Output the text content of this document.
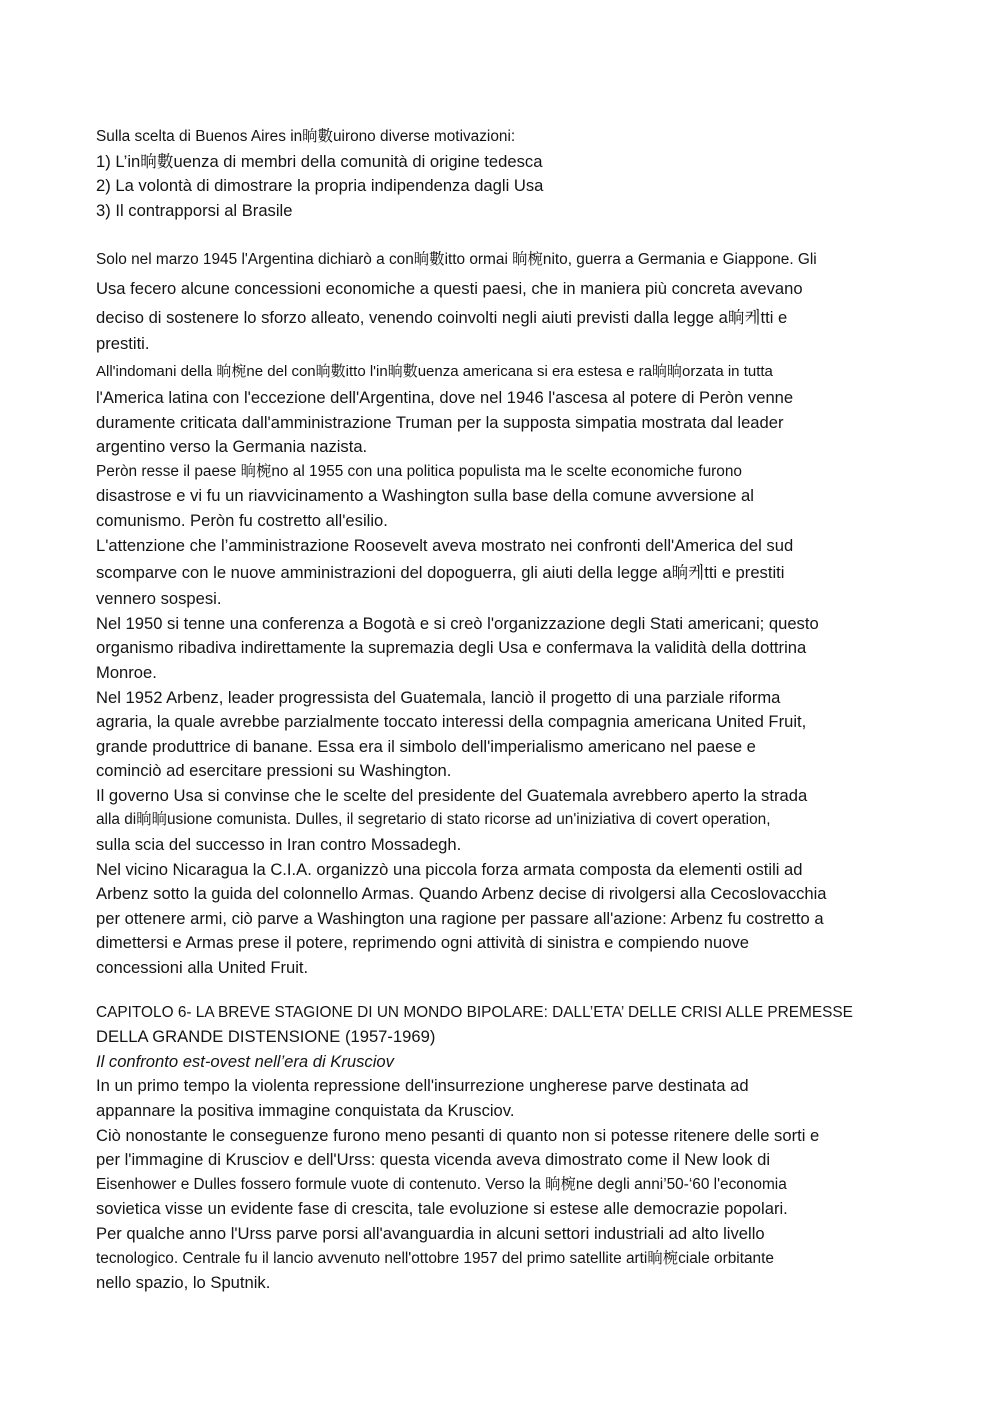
Sulla scelta di Buenos Aires in晌數uirono diverse motivazioni:
1) L’in晌數uenza di membri della comunità di origine tedesca
2) La volontà di dimostrare la propria indipendenza dagli Usa
3) Il contrapporsi al Brasile
Solo nel marzo 1945 l'Argentina dichiarò a con晌數itto ormai 晌椀nito, guerra a Germania e Giappone. Gli
Usa fecero alcune concessioni economiche a questi paesi, che in maniera più concreta avevano
deciso di sostenere lo sforzo alleato, venendo coinvolti negli aiuti previsti dalla legge a晌케tti e
prestiti.
All'indomani della 晌椀ne del con晌數itto l'in晌數uenza americana si era estesa e ra晌晌orzata in tutta
l'America latina con l'eccezione dell'Argentina, dove nel 1946 l'ascesa al potere di Peròn venne
duramente criticata dall'amministrazione Truman per la supposta simpatia mostrata dal leader
argentino verso la Germania nazista.
Peròn resse il paese 晌椀no al 1955 con una politica populista ma le scelte economiche furono
disastrose e vi fu un riavvicinamento a Washington sulla base della comune avversione al
comunismo. Peròn fu costretto all'esilio.
L'attenzione che l’amministrazione Roosevelt aveva mostrato nei confronti dell'America del sud
scomparve con le nuove amministrazioni del dopoguerra, gli aiuti della legge a晌케tti e prestiti
vennero sospesi.
Nel 1950 si tenne una conferenza a Bogotà e si creò l'organizzazione degli Stati americani; questo
organismo ribadiva indirettamente la supremazia degli Usa e confermava la validità della dottrina
Monroe.
Nel 1952 Arbenz, leader progressista del Guatemala, lanciò il progetto di una parziale riforma
agraria, la quale avrebbe parzialmente toccato interessi della compagnia americana United Fruit,
grande produttrice di banane. Essa era il simbolo dell'imperialismo americano nel paese e
cominciò ad esercitare pressioni su Washington.
Il governo Usa si convinse che le scelte del presidente del Guatemala avrebbero aperto la strada
alla di晌晌usione comunista. Dulles, il segretario di stato ricorse ad un'iniziativa di covert operation,
sulla scia del successo in Iran contro Mossadegh.
Nel vicino Nicaragua la C.I.A. organizzò una piccola forza armata composta da elementi ostili ad
Arbenz sotto la guida del colonnello Armas. Quando Arbenz decise di rivolgersi alla Cecoslovacchia
per ottenere armi, ciò parve a Washington una ragione per passare all'azione: Arbenz fu costretto a
dimettersi e Armas prese il potere, reprimendo ogni attività di sinistra e compiendo nuove
concessioni alla United Fruit.
CAPITOLO 6- LA BREVE STAGIONE DI UN MONDO BIPOLARE: DALL’ETA’ DELLE CRISI ALLE PREMESSE
DELLA GRANDE DISTENSIONE (1957-1969)
Il confronto est-ovest nell’era di Krusciov
In un primo tempo la violenta repressione dell'insurrezione ungherese parve destinata ad
appannare la positiva immagine conquistata da Krusciov.
Ciò nonostante le conseguenze furono meno pesanti di quanto non si potesse ritenere delle sorti e
per l'immagine di Krusciov e dell'Urss: questa vicenda aveva dimostrato come il New look di
Eisenhower e Dulles fossero formule vuote di contenuto. Verso la 晌椀ne degli anni’50-‘60 l'economia
sovietica visse un evidente fase di crescita, tale evoluzione si estese alle democrazie popolari.
Per qualche anno l'Urss parve porsi all'avanguardia in alcuni settori industriali ad alto livello
tecnologico. Centrale fu il lancio avvenuto nell'ottobre 1957 del primo satellite arti晌椀ciale orbitante
nello spazio, lo Sputnik.
